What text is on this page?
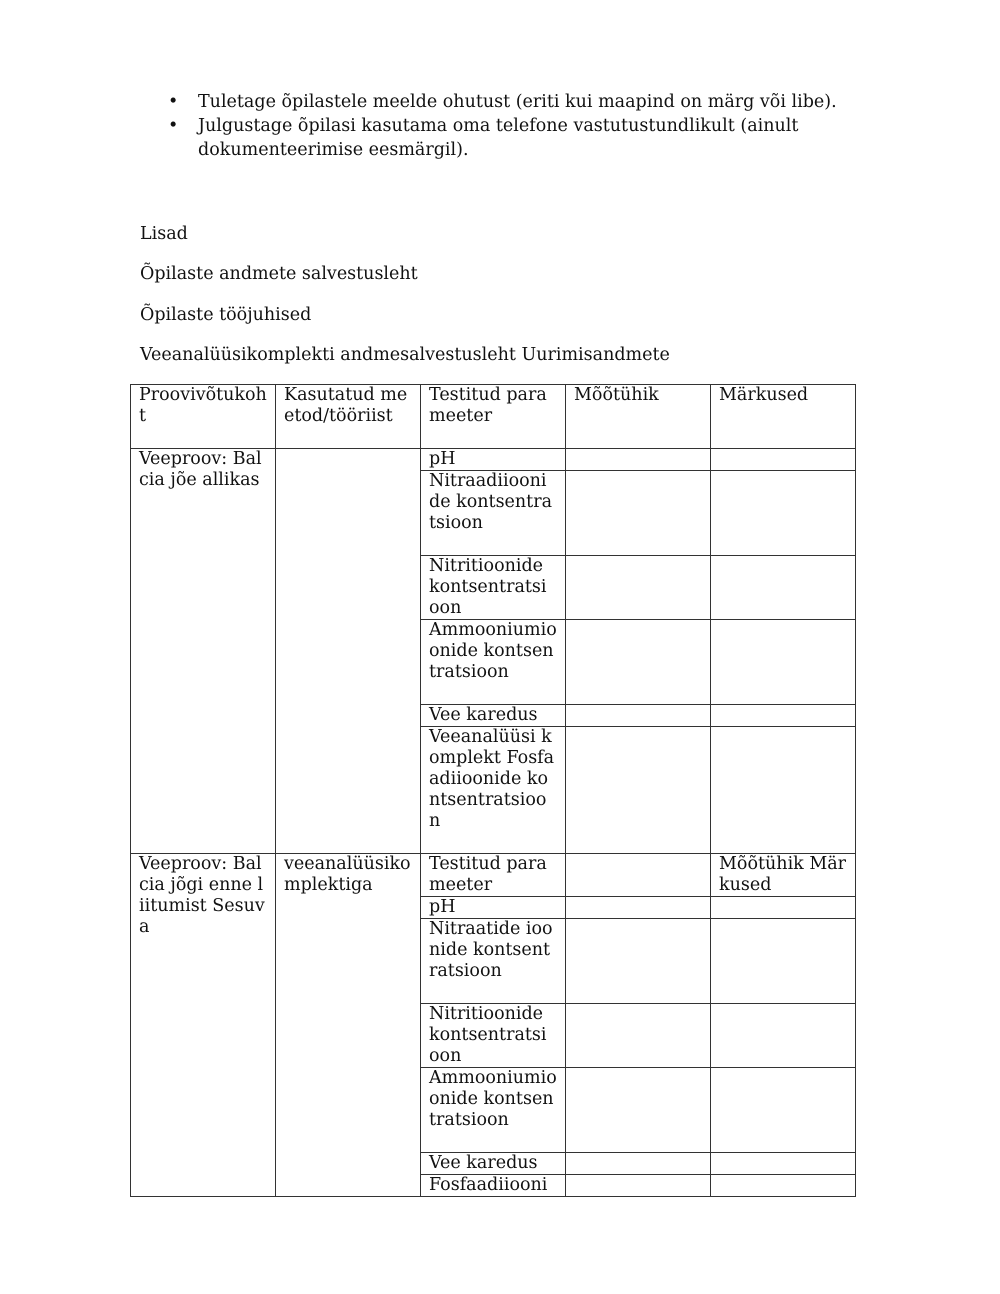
• Tuletage õpilastele meelde ohutust (eriti kui maapind on märg või libe).
• Julgustage õpilasi kasutama oma telefone vastutustundlikult (ainult dokumenteerimise eesmärgil).
Lisad
Õpilaste andmete salvestusleht
Õpilaste tööjuhised
Veeanalüüsikomplekti andmesalvestusleht Uurimisandmete
Proovivõtukoht	Kasutatud meetod/tööriist	Testitud parameeter	Mõõtühik	Märkused
Veeproov: Balcia jõe allikas		pH		
		Nitraadiioonide kontsentratsioon		
		Nitritioonide kontsentratsioon		
		Ammooniumioonide kontsentratsioon		
		Vee karedus		
		Veeanalüüsi komplekt Fosfaadiioonide kontsentratsioon		
Veeproov: Balcia jõgi enne liitumist Sesuva	veeanalüüsikomplektiga	Testitud parameeter		Mõõtühik Märkused
		pH		
		Nitraatide ioonide kontsentratsioon		
		Nitritioonide kontsentratsioon		
		Ammooniumioonide kontsentratsioon		
		Vee karedus		
		Fosfaadiiooni		
